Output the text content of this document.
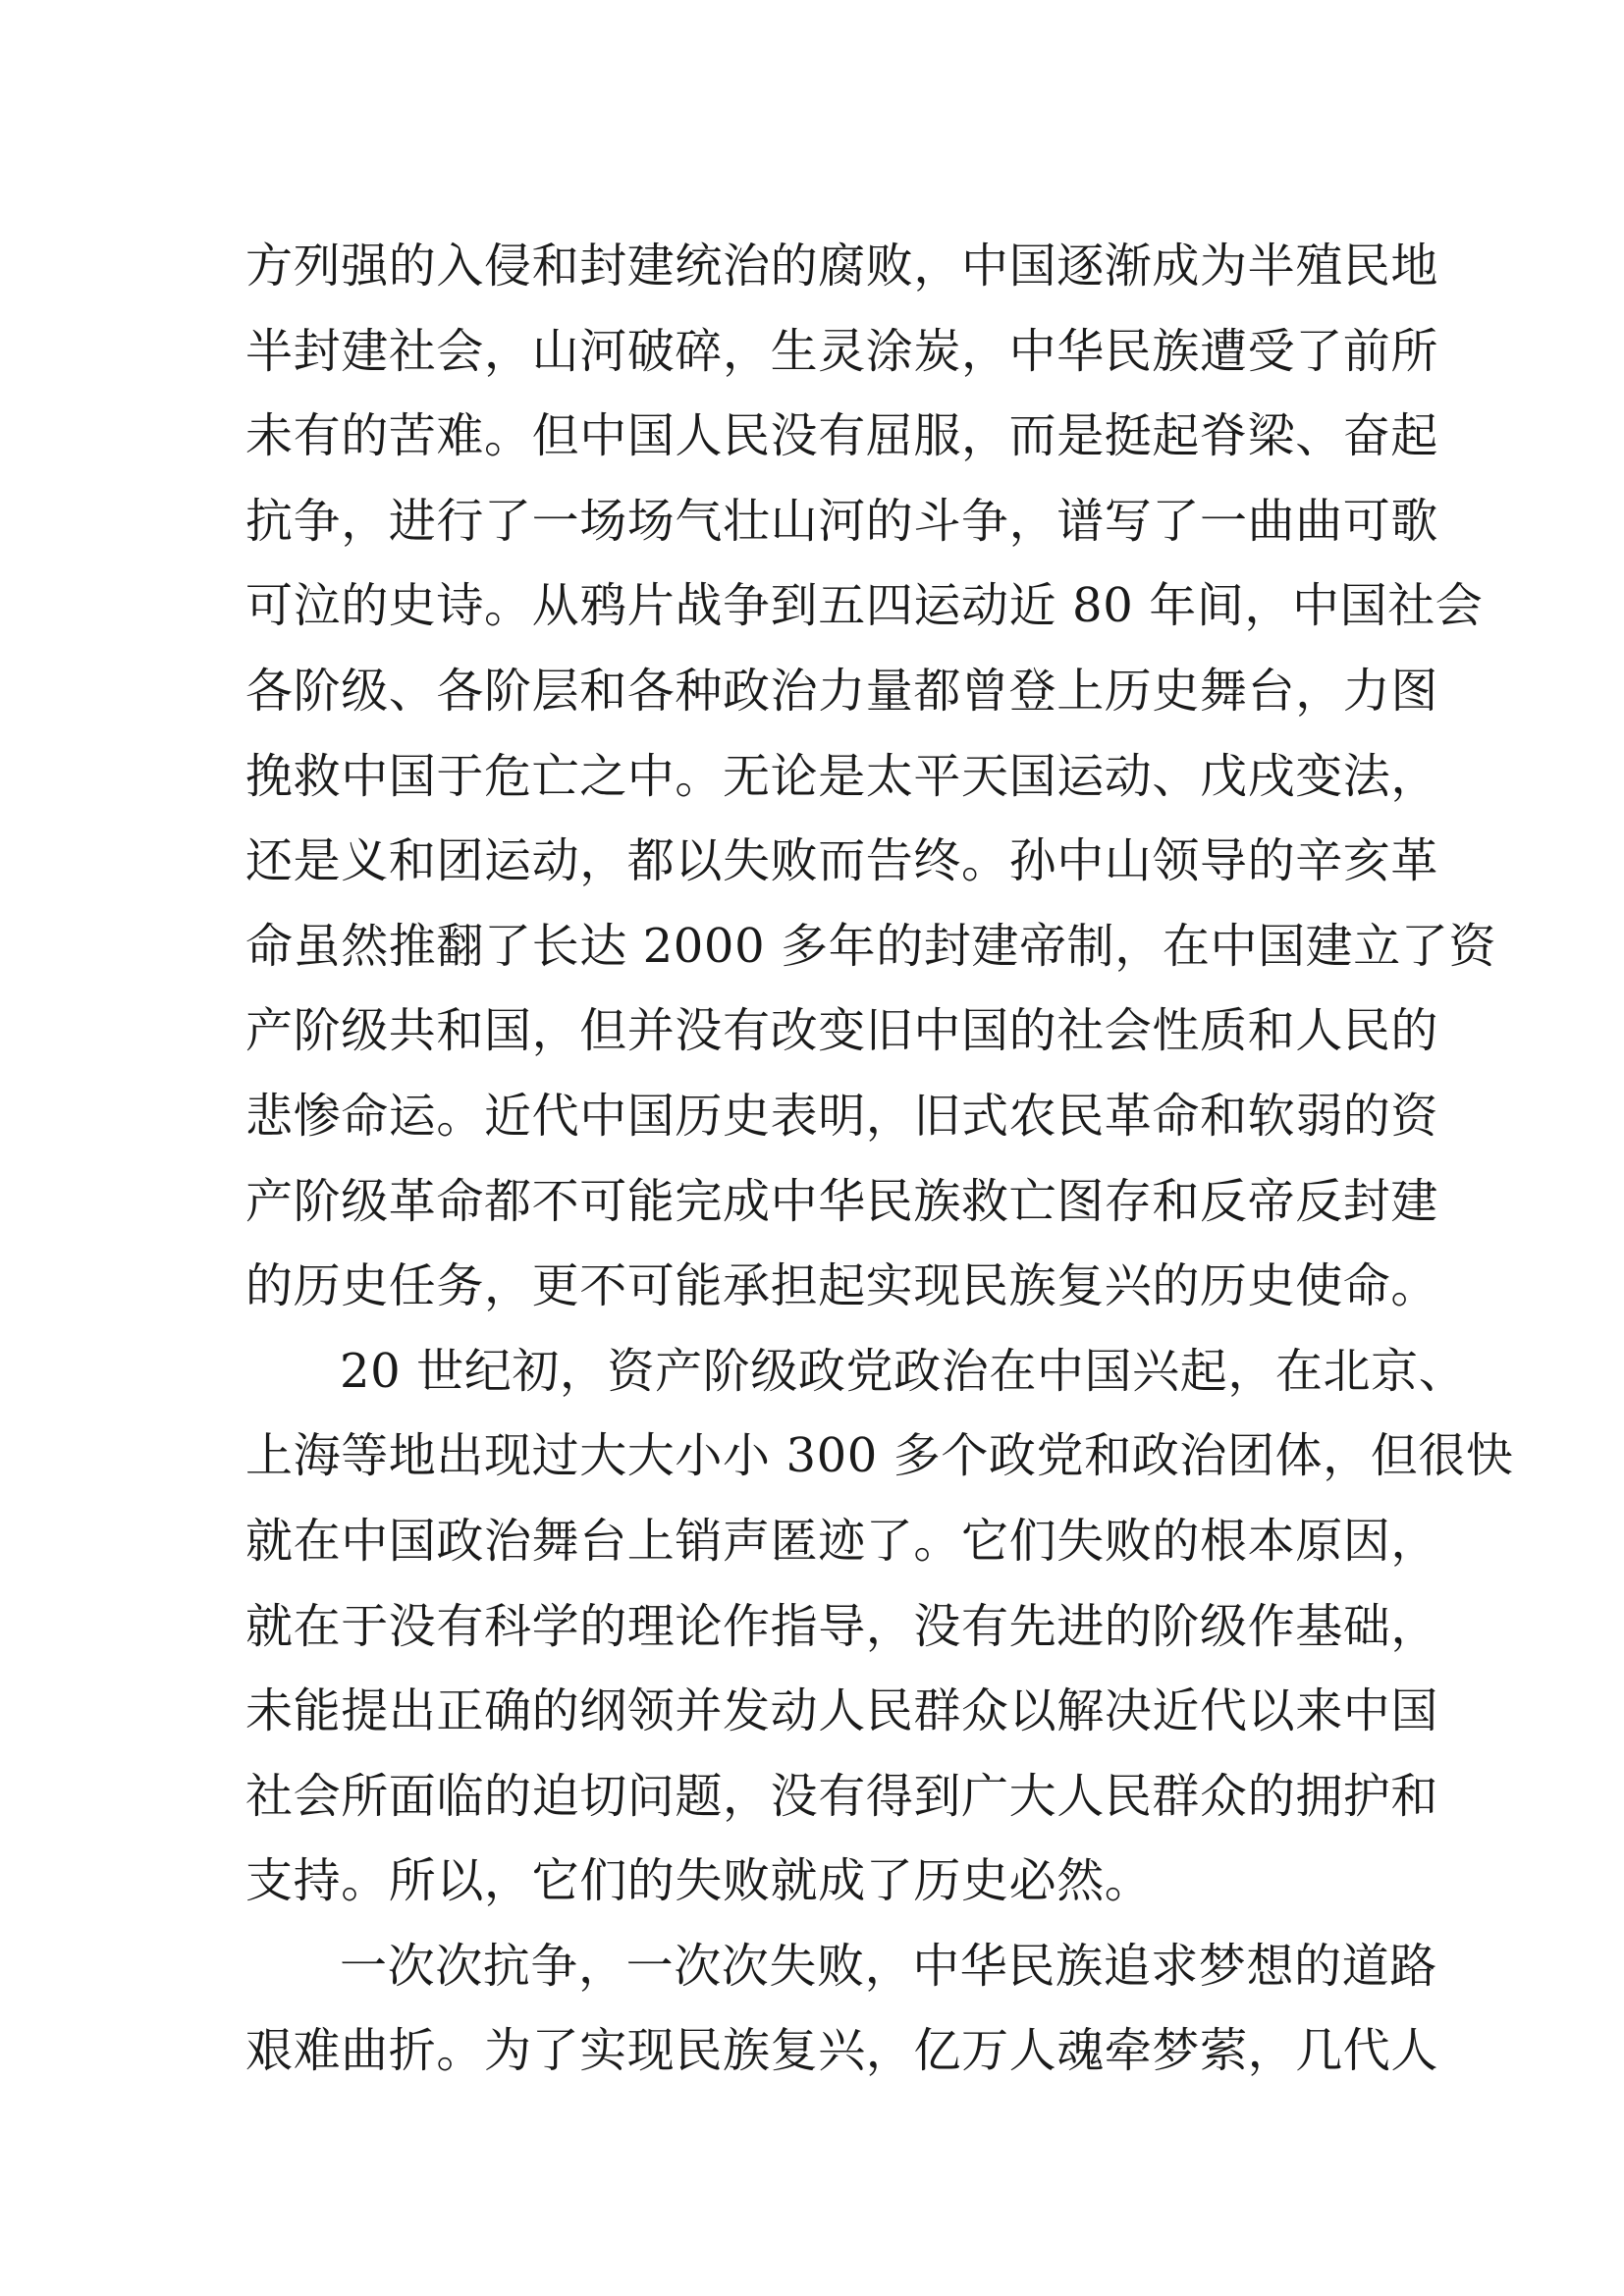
方列强的入侵和封建统治的腐败，中国逐渐成为半殖民地
半封建社会，山河破碎，生灵涂炭，中华民族遭受了前所
未有的苦难。但中国人民没有屈服，而是挺起脊梁、奋起
抗争，进行了一场场气壮山河的斗争，谱写了一曲曲可歌
可泣的史诗。从鸦片战争到五四运动近 80 年间，中国社会
各阶级、各阶层和各种政治力量都曾登上历史舞台，力图
挽救中国于危亡之中。无论是太平天国运动、戊戌变法，
还是义和团运动，都以失败而告终。孙中山领导的辛亥革
命虽然推翻了长达 2000 多年的封建帝制，在中国建立了资
产阶级共和国，但并没有改变旧中国的社会性质和人民的
悲惨命运。近代中国历史表明，旧式农民革命和软弱的资
产阶级革命都不可能完成中华民族救亡图存和反帝反封建
的历史任务，更不可能承担起实现民族复兴的历史使命。

20 世纪初，资产阶级政党政治在中国兴起，在北京、
上海等地出现过大大小小 300 多个政党和政治团体，但很快
就在中国政治舞台上销声匿迹了。它们失败的根本原因，
就在于没有科学的理论作指导，没有先进的阶级作基础，
未能提出正确的纲领并发动人民群众以解决近代以来中国
社会所面临的迫切问题，没有得到广大人民群众的拥护和
支持。所以，它们的失败就成了历史必然。

一次次抗争，一次次失败，中华民族追求梦想的道路
艰难曲折。为了实现民族复兴，亿万人魂牵梦萦，几代人
